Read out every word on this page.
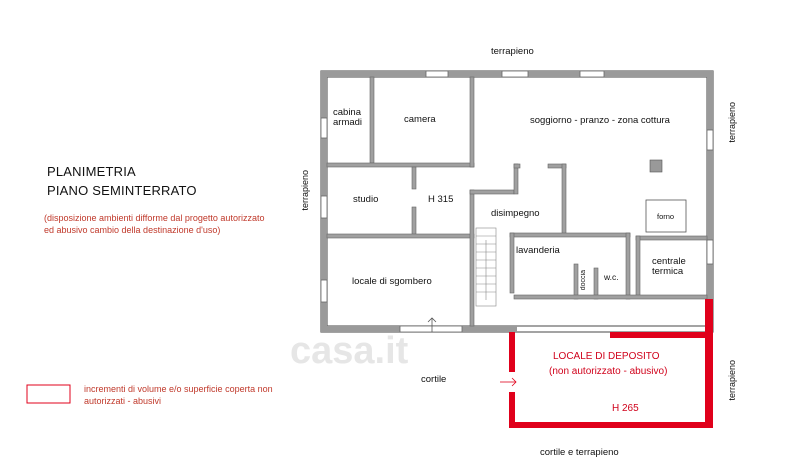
PLANIMETRIA
PIANO SEMINTERRATO
(disposizione ambienti difforme dal progetto autorizzato ed abusivo cambio della destinazione d'uso)
terrapieno
terrapieno
terrapieno
terrapieno
cortile
cortile e terrapieno
cabina armadi	camera	soggiorno - pranzo - zona cottura
studio	H 315
disimpegno	forno
lavanderia
centrale termica
doccia w.c.
locale di sgombero
LOCALE DI DEPOSITO
(non autorizzato - abusivo)
H 265
incrementi di volume e/o superficie coperta non autorizzati - abusivi
casa.it
